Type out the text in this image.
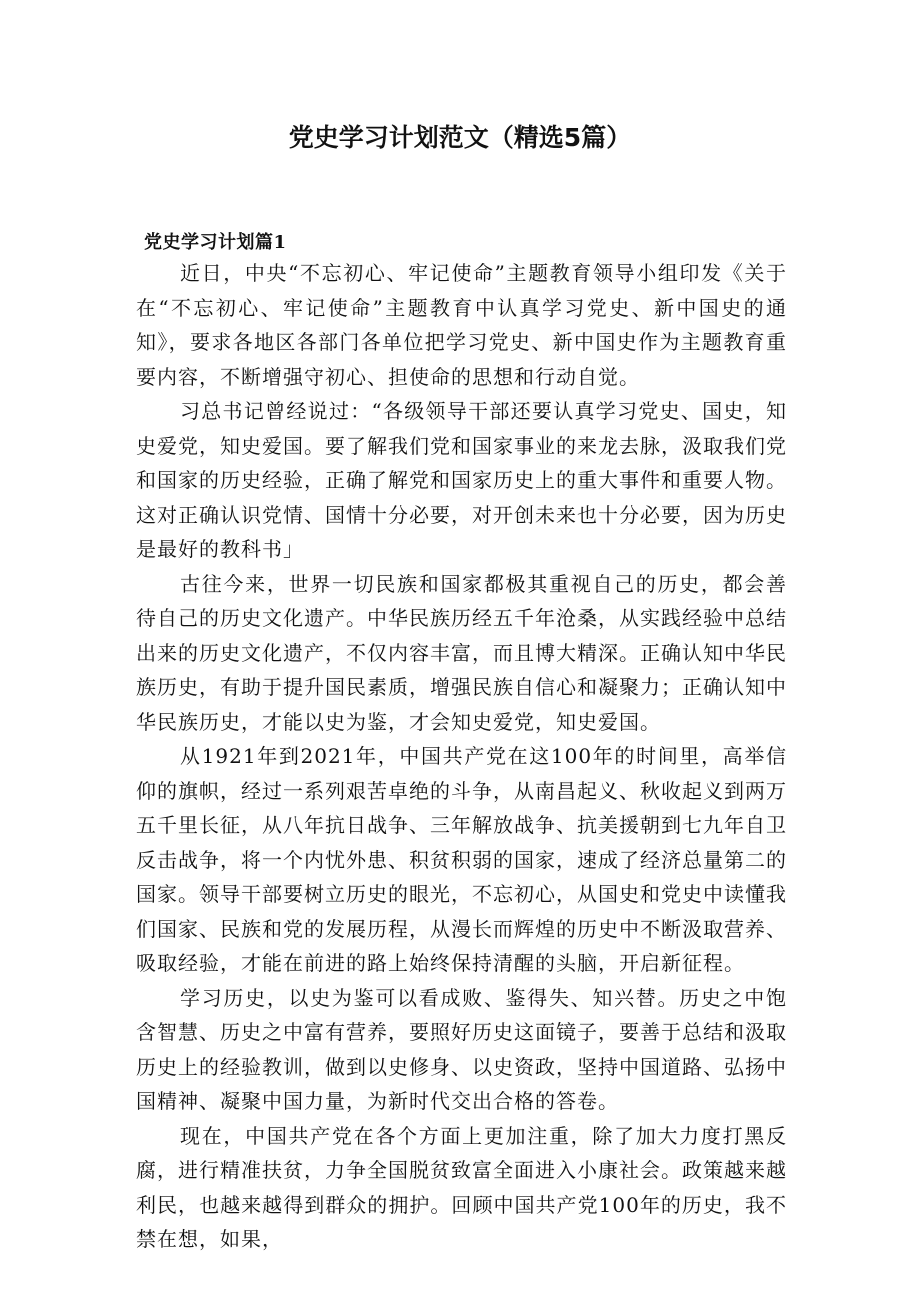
党史学习计划范文（精选5篇）
党史学习计划篇1

近日，中央“不忘初心、牢记使命”主题教育领导小组印发《关于在“不忘初心、牢记使命”主题教育中认真学习党史、新中国史的通知》，要求各地区各部门各单位把学习党史、新中国史作为主题教育重要内容，不断增强守初心、担使命的思想和行动自觉。

习总书记曾经说过：“各级领导干部还要认真学习党史、国史，知史爱党，知史爱国。要了解我们党和国家事业的来龙去脉，汲取我们党和国家的历史经验，正确了解党和国家历史上的重大事件和重要人物。这对正确认识党情、国情十分必要，对开创未来也十分必要，因为历史是最好的教科书」

古往今来，世界一切民族和国家都极其重视自己的历史，都会善待自己的历史文化遗产。中华民族历经五千年沧桑，从实践经验中总结出来的历史文化遗产，不仅内容丰富，而且博大精深。正确认知中华民族历史，有助于提升国民素质，增强民族自信心和凝聚力；正确认知中华民族历史，才能以史为鉴，才会知史爱党，知史爱国。

从1921年到2021年，中国共产党在这100年的时间里，高举信仰的旗帜，经过一系列艰苦卓绝的斗争，从南昌起义、秋收起义到两万五千里长征，从八年抗日战争、三年解放战争、抗美援朝到七九年自卫反击战争，将一个内忧外患、积贫积弱的国家，速成了经济总量第二的国家。领导干部要树立历史的眼光，不忘初心，从国史和党史中读懂我们国家、民族和党的发展历程，从漫长而辉煌的历史中不断汲取营养、吸取经验，才能在前进的路上始终保持清醒的头脑，开启新征程。

学习历史，以史为鉴可以看成败、鉴得失、知兴替。历史之中饱含智慧、历史之中富有营养，要照好历史这面镜子，要善于总结和汲取历史上的经验教训，做到以史修身、以史资政，坚持中国道路、弘扬中国精神、凝聚中国力量，为新时代交出合格的答卷。

现在，中国共产党在各个方面上更加注重，除了加大力度打黑反腐，进行精准扶贫，力争全国脱贫致富全面进入小康社会。政策越来越利民，也越来越得到群众的拥护。回顾中国共产党100年的历史，我不禁在想，如果，
